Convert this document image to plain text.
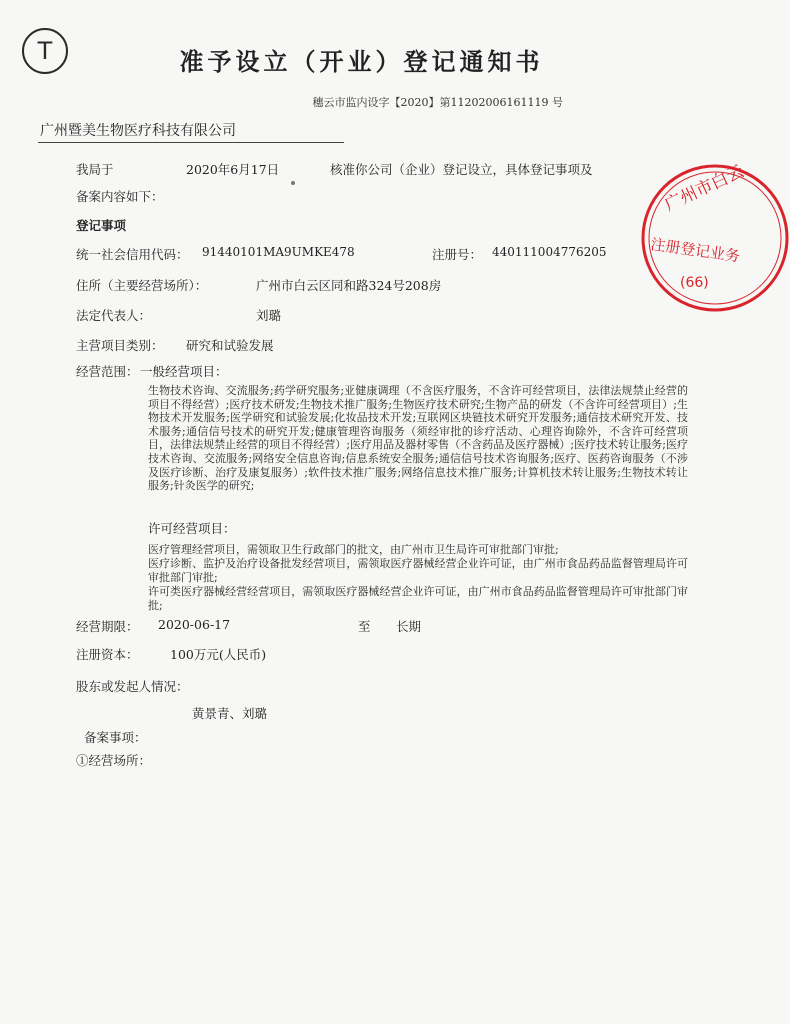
T	准予设立（开业）登记通知书
穗云市监内设字【2020】第11202006161119 号
广州暨美生物医疗科技有限公司
我局于	2020年6月17日	核准你公司（企业）登记设立，具体登记事项及
备案内容如下：
登记事项
统一社会信用代码： 91440101MA9UMKE478	注册号： 440111004776205
住所（主要经营场所）：	广州市白云区同和路324号208房
法定代表人：	刘璐
主营项目类别： 研究和试验发展
经营范围： 一般经营项目：
生物技术咨询、交流服务;药学研究服务;亚健康调理（不含医疗服务，不含许可经营项目，法律法规禁止经营的项目不得经营）;医疗技术研发;生物技术推广服务;生物医疗技术研究;生物产品的研发（不含许可经营项目）;生物技术开发服务;医学研究和试验发展;化妆品技术开发;互联网区块链技术研究开发服务;通信技术研究开发、技术服务;通信信号技术的研究开发;健康管理咨询服务（须经审批的诊疗活动、心理咨询除外，不含许可经营项目，法律法规禁止经营的项目不得经营）;医疗用品及器材零售（不含药品及医疗器械）;医疗技术转让服务;医疗技术咨询、交流服务;网络安全信息咨询;信息系统安全服务;通信信号技术咨询服务;医疗、医药咨询服务（不涉及医疗诊断、治疗及康复服务）;软件技术推广服务;网络信息技术推广服务;计算机技术转让服务;生物技术转让服务;针灸医学的研究;
许可经营项目：
医疗管理经营项目，需领取卫生行政部门的批文，由广州市卫生局许可审批部门审批;
医疗诊断、监护及治疗设备批发经营项目，需领取医疗器械经营企业许可证，由广州市食品药品监督管理局许可审批部门审批;
许可类医疗器械经营经营项目，需领取医疗器械经营企业许可证，由广州市食品药品监督管理局许可审批部门审批;
经营期限： 2020-06-17	至 长期
注册资本：	100万元(人民币)
股东或发起人情况：
黄景青、刘璐
备案事项：
①经营场所：
广州市白云
注册登记业务
(66)
